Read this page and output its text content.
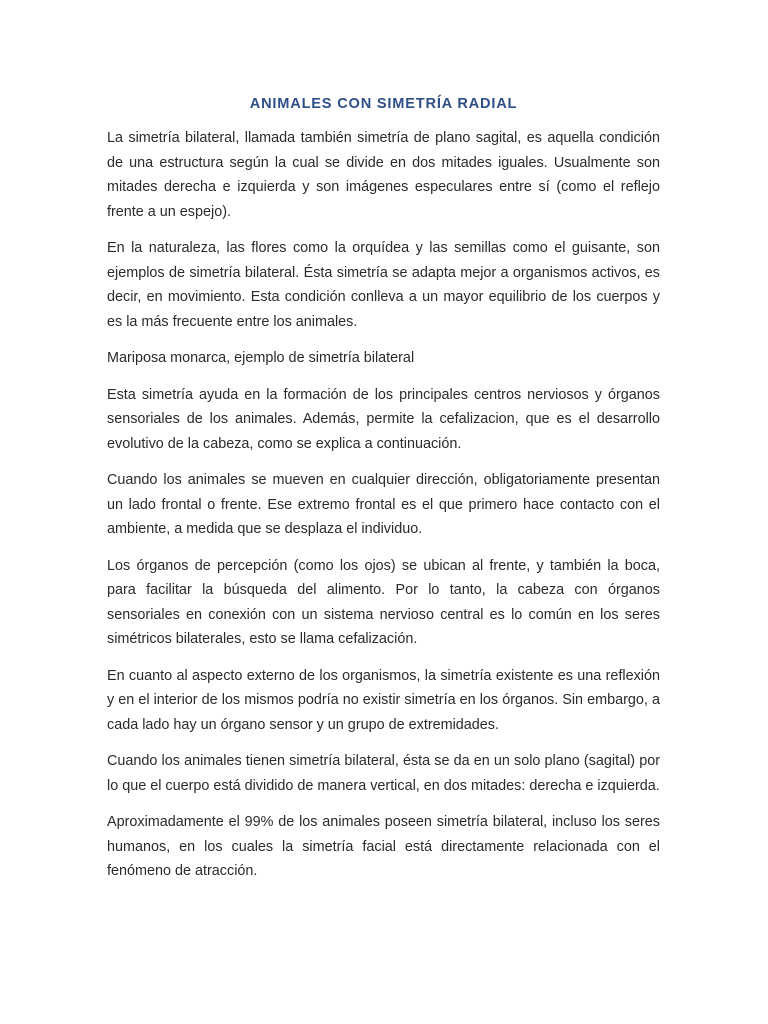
ANIMALES CON SIMETRÍA RADIAL

La simetría bilateral, llamada también simetría de plano sagital, es aquella condición de una estructura según la cual se divide en dos mitades iguales. Usualmente son mitades derecha e izquierda y son imágenes especulares entre sí (como el reflejo frente a un espejo).

En la naturaleza, las flores como la orquídea y las semillas como el guisante, son ejemplos de simetría bilateral. Ésta simetría se adapta mejor a organismos activos, es decir, en movimiento. Esta condición conlleva a un mayor equilibrio de los cuerpos y es la más frecuente entre los animales.

Mariposa monarca, ejemplo de simetría bilateral

Esta simetría ayuda en la formación de los principales centros nerviosos y órganos sensoriales de los animales. Además, permite la cefalizacion, que es el desarrollo evolutivo de la cabeza, como se explica a continuación.

Cuando los animales se mueven en cualquier dirección, obligatoriamente presentan un lado frontal o frente. Ese extremo frontal es el que primero hace contacto con el ambiente, a medida que se desplaza el individuo.

Los órganos de percepción (como los ojos) se ubican al frente, y también la boca, para facilitar la búsqueda del alimento. Por lo tanto, la cabeza con órganos sensoriales en conexión con un sistema nervioso central es lo común en los seres simétricos bilaterales, esto se llama cefalización.

En cuanto al aspecto externo de los organismos, la simetría existente es una reflexión y en el interior de los mismos podría no existir simetría en los órganos. Sin embargo, a cada lado hay un órgano sensor y un grupo de extremidades.

Cuando los animales tienen simetría bilateral, ésta se da en un solo plano (sagital) por lo que el cuerpo está dividido de manera vertical, en dos mitades: derecha e izquierda.

Aproximadamente el 99% de los animales poseen simetría bilateral, incluso los seres humanos, en los cuales la simetría facial está directamente relacionada con el fenómeno de atracción.
